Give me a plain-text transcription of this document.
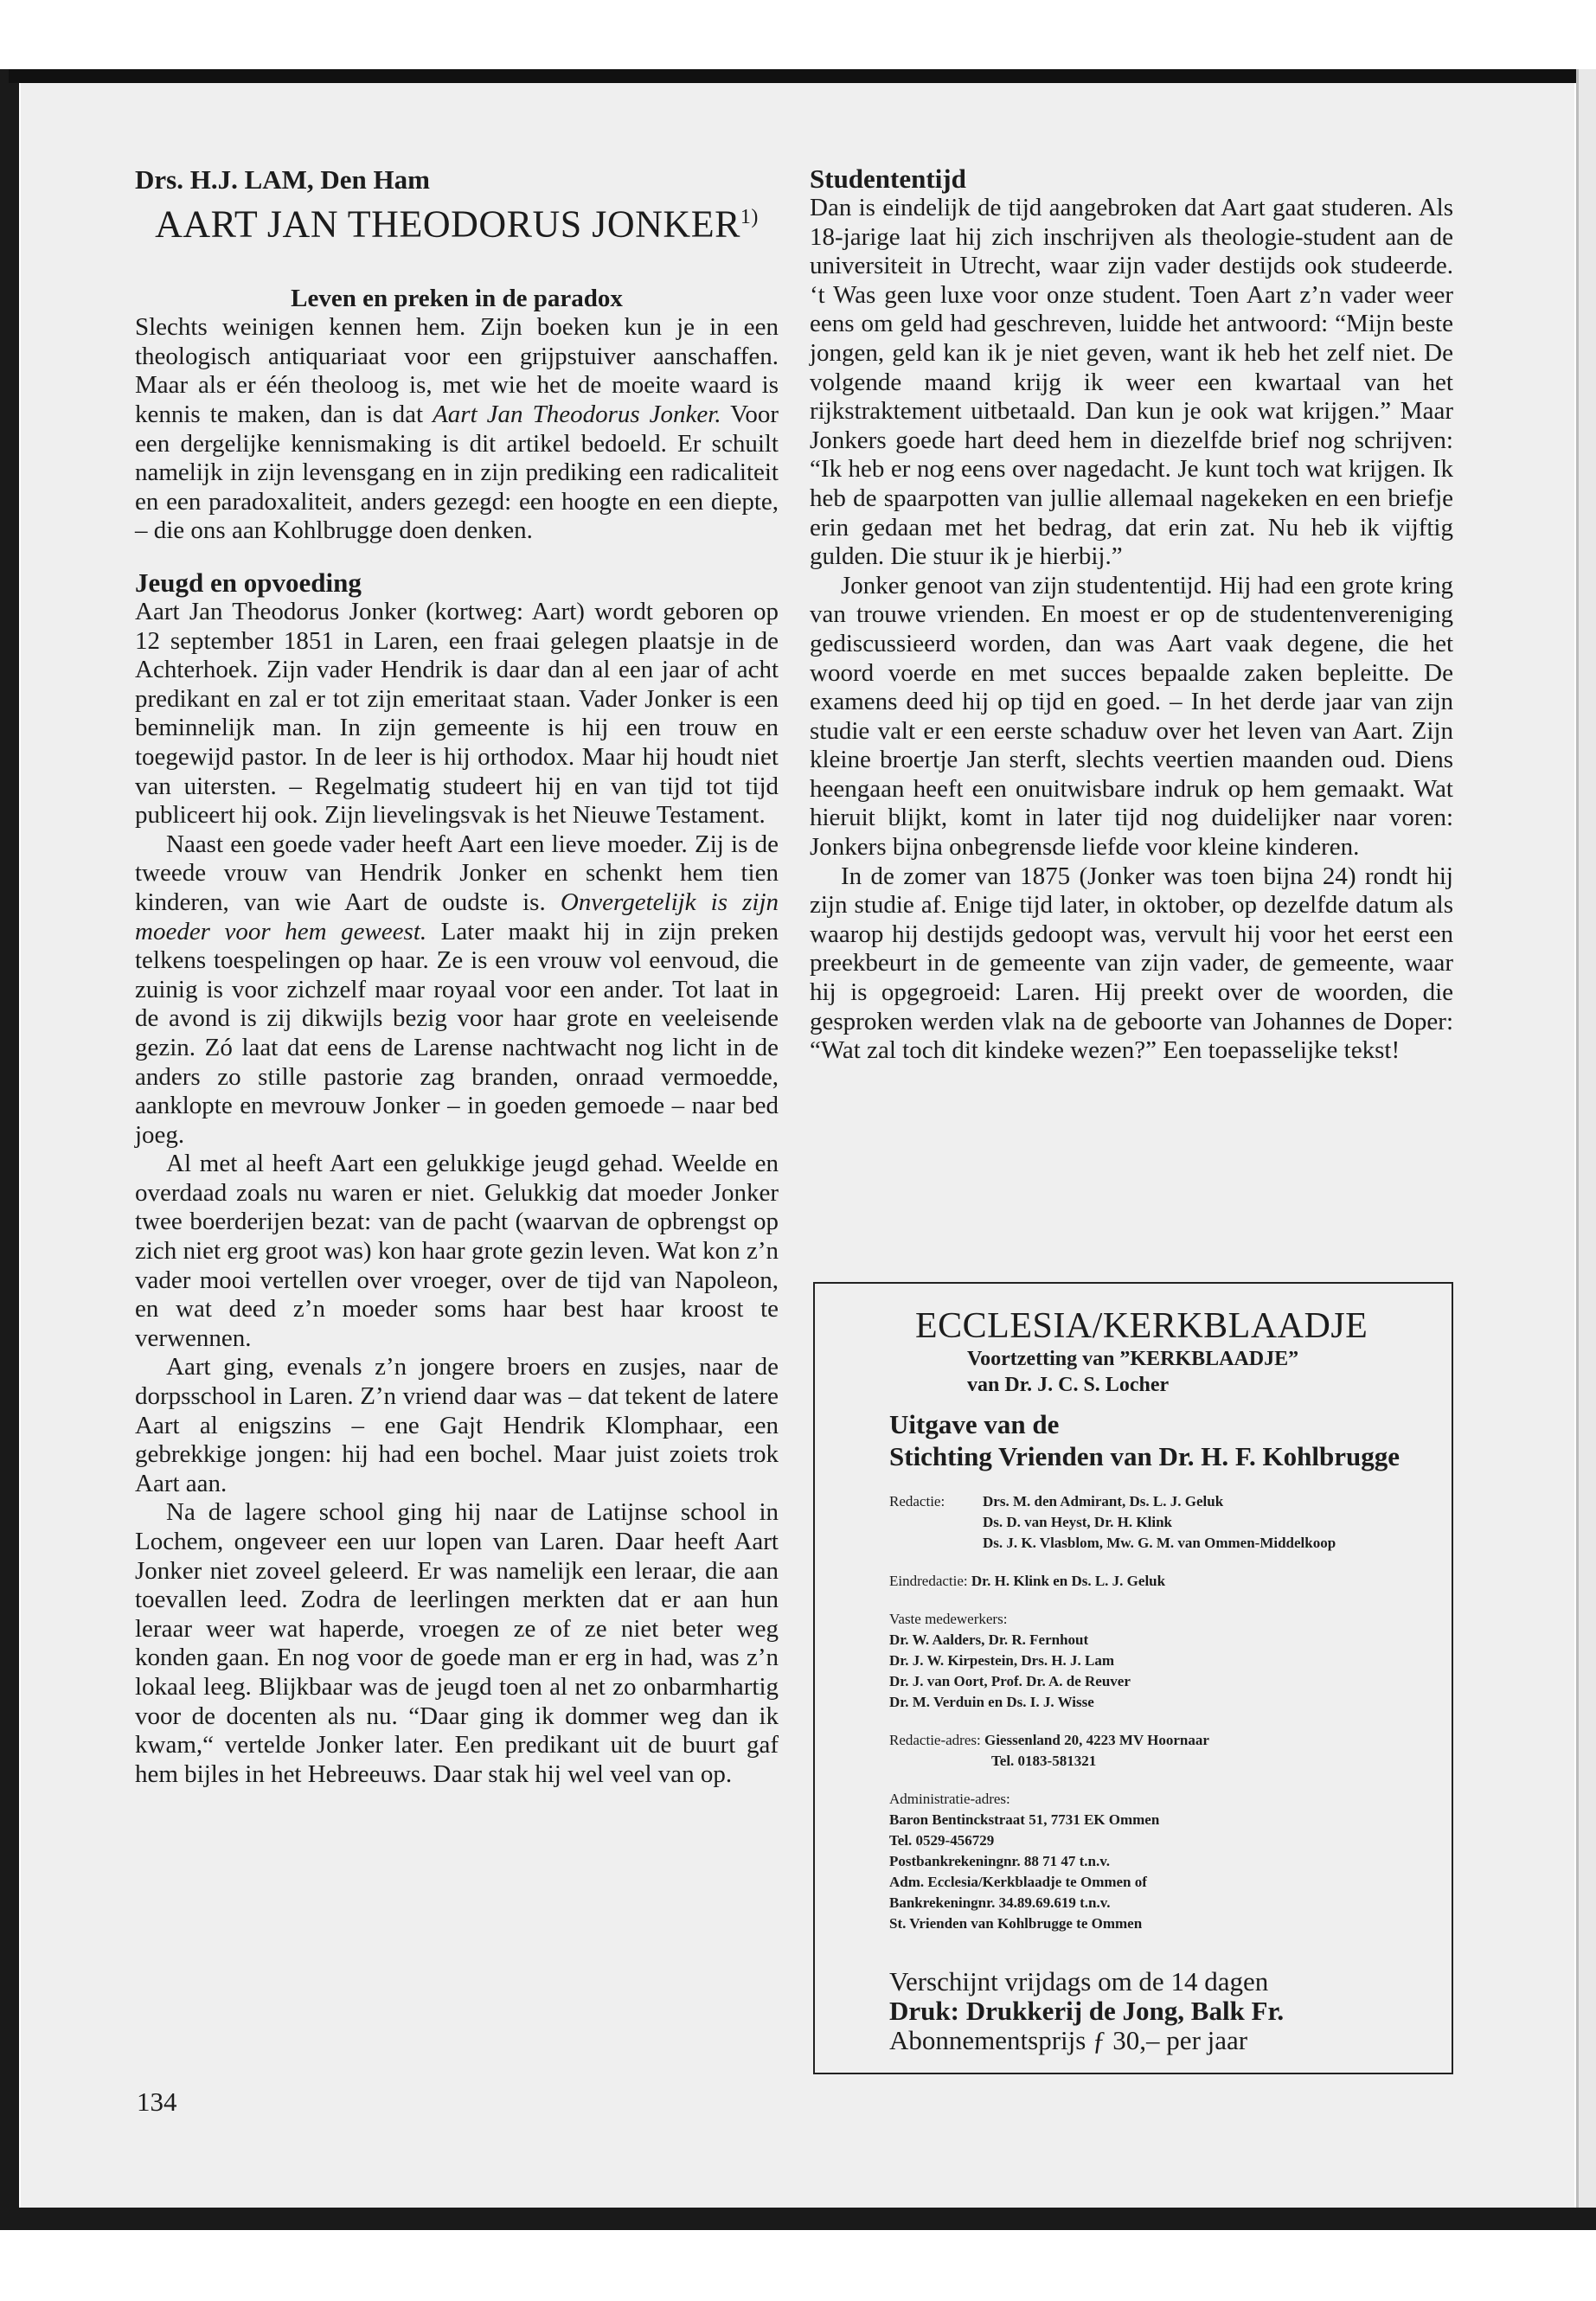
Drs. H.J. LAM, Den Ham

AART JAN THEODORUS JONKER$^{1)}$

Leven en preken in de paradox

Slechts weinigen kennen hem. Zijn boeken kun je in een theologisch antiquariaat voor een grijpstuiver aanschaffen. Maar als er één theoloog is, met wie het de moeite waard is kennis te maken, dan is dat Aart Jan Theodorus Jonker. Voor een dergelijke kennismaking is dit artikel bedoeld. Er schuilt namelijk in zijn levensgang en in zijn prediking een radicaliteit en een paradoxaliteit, anders gezegd: een hoogte en een diepte, – die ons aan Kohlbrugge doen denken.

Jeugd en opvoeding

Aart Jan Theodorus Jonker (kortweg: Aart) wordt geboren op 12 september 1851 in Laren, een fraai gelegen plaatsje in de Achterhoek. Zijn vader Hendrik is daar dan al een jaar of acht predikant en zal er tot zijn emeritaat staan. Vader Jonker is een beminnelijk man. In zijn gemeente is hij een trouw en toegewijd pastor. In de leer is hij orthodox. Maar hij houdt niet van uitersten. – Regelmatig studeert hij en van tijd tot tijd publiceert hij ook. Zijn lievelingsvak is het Nieuwe Testament.

Naast een goede vader heeft Aart een lieve moeder. Zij is de tweede vrouw van Hendrik Jonker en schenkt hem tien kinderen, van wie Aart de oudste is. Onvergetelijk is zijn moeder voor hem geweest. Later maakt hij in zijn preken telkens toespelingen op haar. Ze is een vrouw vol eenvoud, die zuinig is voor zichzelf maar royaal voor een ander. Tot laat in de avond is zij dikwijls bezig voor haar grote en veeleisende gezin. Zó laat dat eens de Larense nachtwacht nog licht in de anders zo stille pastorie zag branden, onraad vermoedde, aanklopte en mevrouw Jonker – in goeden gemoede – naar bed joeg.

Al met al heeft Aart een gelukkige jeugd gehad. Weelde en overdaad zoals nu waren er niet. Gelukkig dat moeder Jonker twee boerderijen bezat: van de pacht (waarvan de opbrengst op zich niet erg groot was) kon haar grote gezin leven. Wat kon z’n vader mooi vertellen over vroeger, over de tijd van Napoleon, en wat deed z’n moeder soms haar best haar kroost te verwennen.

Aart ging, evenals z’n jongere broers en zusjes, naar de dorpsschool in Laren. Z’n vriend daar was – dat tekent de latere Aart al enigszins – ene Gajt Hendrik Klomphaar, een gebrekkige jongen: hij had een bochel. Maar juist zoiets trok Aart aan.

Na de lagere school ging hij naar de Latijnse school in Lochem, ongeveer een uur lopen van Laren. Daar heeft Aart Jonker niet zoveel geleerd. Er was namelijk een leraar, die aan toevallen leed. Zodra de leerlingen merkten dat er aan hun leraar weer wat haperde, vroegen ze of ze niet beter weg konden gaan. En nog voor de goede man er erg in had, was z’n lokaal leeg. Blijkbaar was de jeugd toen al net zo onbarmhartig voor de docenten als nu. “Daar ging ik dommer weg dan ik kwam,“ vertelde Jonker later. Een predikant uit de buurt gaf hem bijles in het Hebreeuws. Daar stak hij wel veel van op.

134

Studententijd

Dan is eindelijk de tijd aangebroken dat Aart gaat studeren. Als 18-jarige laat hij zich inschrijven als theologie-student aan de universiteit in Utrecht, waar zijn vader destijds ook studeerde. ‘t Was geen luxe voor onze student. Toen Aart z’n vader weer eens om geld had geschreven, luidde het antwoord: “Mijn beste jongen, geld kan ik je niet geven, want ik heb het zelf niet. De volgende maand krijg ik weer een kwartaal van het rijkstraktement uitbetaald. Dan kun je ook wat krijgen.” Maar Jonkers goede hart deed hem in diezelfde brief nog schrijven: “Ik heb er nog eens over nagedacht. Je kunt toch wat krijgen. Ik heb de spaarpotten van jullie allemaal nagekeken en een briefje erin gedaan met het bedrag, dat erin zat. Nu heb ik vijftig gulden. Die stuur ik je hierbij.”

Jonker genoot van zijn studententijd. Hij had een grote kring van trouwe vrienden. En moest er op de studentenvereniging gediscussieerd worden, dan was Aart vaak degene, die het woord voerde en met succes bepaalde zaken bepleitte. De examens deed hij op tijd en goed. – In het derde jaar van zijn studie valt er een eerste schaduw over het leven van Aart. Zijn kleine broertje Jan sterft, slechts veertien maanden oud. Diens heengaan heeft een onuitwisbare indruk op hem gemaakt. Wat hieruit blijkt, komt in later tijd nog duidelijker naar voren: Jonkers bijna onbegrensde liefde voor kleine kinderen.

In de zomer van 1875 (Jonker was toen bijna 24) rondt hij zijn studie af. Enige tijd later, in oktober, op dezelfde datum als waarop hij destijds gedoopt was, vervult hij voor het eerst een preekbeurt in de gemeente van zijn vader, de gemeente, waar hij is opgegroeid: Laren. Hij preekt over de woorden, die gesproken werden vlak na de geboorte van Johannes de Doper: “Wat zal toch dit kindeke wezen?” Een toepasselijke tekst!

ECCLESIA/KERKBLAADJE
Voortzetting van ”KERKBLAADJE”
van Dr. J. C. S. Locher
Uitgave van de
Stichting Vrienden van Dr. H. F. Kohlbrugge
Redactie:	Drs. M. den Admirant, Ds. L. J. Geluk
Ds. D. van Heyst, Dr. H. Klink
Ds. J. K. Vlasblom, Mw. G. M. van Ommen-Middelkoop
Eindredactie: Dr. H. Klink en Ds. L. J. Geluk
Vaste medewerkers:
Dr. W. Aalders, Dr. R. Fernhout
Dr. J. W. Kirpestein, Drs. H. J. Lam
Dr. J. van Oort, Prof. Dr. A. de Reuver
Dr. M. Verduin en Ds. I. J. Wisse
Redactie-adres: Giessenland 20, 4223 MV Hoornaar
Tel. 0183-581321
Administratie-adres:
Baron Bentinckstraat 51, 7731 EK Ommen
Tel. 0529-456729
Postbankrekeningnr. 88 71 47 t.n.v.
Adm. Ecclesia/Kerkblaadje te Ommen of
Bankrekeningnr. 34.89.69.619 t.n.v.
St. Vrienden van Kohlbrugge te Ommen
Verschijnt vrijdags om de 14 dagen
Druk: Drukkerij de Jong, Balk Fr.
Abonnementsprijs ƒ 30,– per jaar
